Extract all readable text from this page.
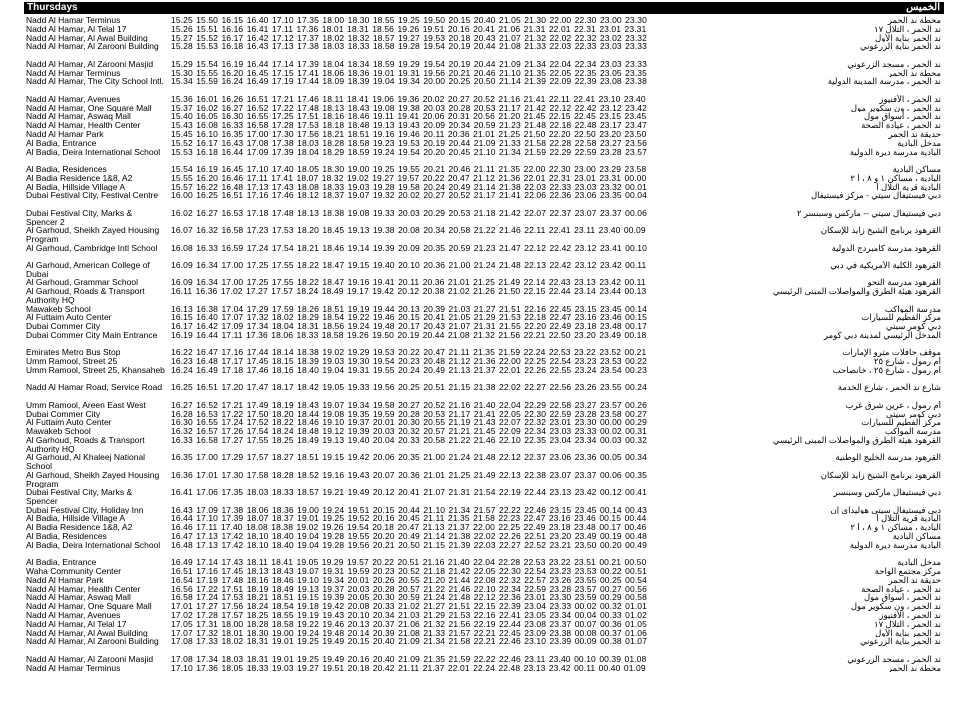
Thursdays	الخميس
Nadd Al Hamar Terminus	15.25 15.50 16.15 16.40 17.10 17.35 18.00 18.30 18.55 19.25 19.50 20.15 20.40 21.05 21.30 22.00 22.30 23.00 23.30	محطة ند الحمر
Nadd Al Hamar, Al Telal 17	15.26 15.51 16.16 16.41 17.11 17.36 18.01 18.31 18.56 19.26 19.51 20.16 20.41 21.06 21.31 22.01 22.31 23.01 23.31	ند الحمر ، التلال ١٧
Nadd Al Hamar, Al Awal Building	15.27 15.52 16.17 16.42 17.12 17.37 18.02 18.32 18.57 19.27 19.53 20.18 20.43 21.07 21.32 22.02 22.32 23.02 23.32	ند الحمر بناية الأول
Nadd Al Hamar, Al Zarooni Building	15.28 15.53 16.18 16.43 17.13 17.38 18.03 18.33 18.58 19.28 19.54 20.19 20.44 21.08 21.33 22.03 22.33 23.03 23.33	ند الحمر بناية الزرعوني
Nadd Al Hamar, Al Zarooni Masjid	15.29 15.54 16.19 16.44 17.14 17.39 18.04 18.34 18.59 19.29 19.54 20.19 20.44 21.09 21.34 22.04 22.34 23.03 23.33	ند الحمر ، مسجد الزرعوني
Nadd Al Hamar Terminus	15.30 15.55 16.20 16.45 17.15 17.41 18.06 18.36 19.01 19.31 19.56 20.21 20.46 21.10 21.35 22.05 22.35 23.05 23.35	محطة ند الحمر
Nadd Al Hamar, The City School Intl. 15.34 15.59 16.24 16.49 17.19 17.44 18.09 18.39 19.04 19.34 20.00 20.25 20.50 21.14 21.39 22.09 22.39 23.08 23.38	ند الحمر ، مدرسة المدينة الدولية
Nadd Al Hamar, Avenues	15.36 16.01 16.26 16.51 17.21 17.46 18.11 18.41 19.06 19.36 20.02 20.27 20.52 21.16 21.41 22.11 22.41 23.10 23.40	ند الحمر ، الأفنيوز
Nadd Al Hamar, One Square Mall	15.37 16.02 16.27 16.52 17.22 17.48 18.13 18.43 19.08 19.38 20.03 20.28 20.53 21.17 21.42 22.12 22.42 23.12 23.42	ند الحمر ، ون سكوير مول
Nadd Al Hamar, Aswaq Mall	15.40 16.05 16.30 16.55 17.25 17.51 18.16 18.46 19.11 19.41 20.06 20.31 20.56 21.20 21.45 22.15 22.45 23.15 23.45	ند الحمر ، أسواق مول
Nadd Al Hamar, Health Center	15.43 16.08 16.33 16.58 17.28 17.53 18.18 18.48 19.13 19.43 20.09 20.34 20.59 21.23 21.48 22.18 22.48 23.17 23.47	ند الحمر ، عيادة الصحة
Nadd Al Hamar Park	15.45 16.10 16.35 17.00 17.30 17.56 18.21 18.51 19.16 19.46 20.11 20.36 21.01 21.25 21.50 22.20 22.50 23.20 23.50	حديقة ند الحمر
Al Badia, Entrance	15.52 16.17 16.43 17.08 17.38 18.03 18.28 18.58 19.23 19.53 20.19 20.44 21.09 21.33 21.58 22.28 22.58 23.27 23.56	مدخل البادية
Al Badia, Deira International School	15.53 16.18 16.44 17.09 17.39 18.04 18.29 18.59 19.24 19.54 20.20 20.45 21.10 21.34 21.59 22.29 22.59 23.28 23.57	البادية مدرسة ديرة الدولية
Al Badia, Residences	15.54 16.19 16.45 17.10 17.40 18.05 18.30 19.00 19.25 19.55 20.21 20.46 21.11 21.35 22.00 22.30 23.00 23.29 23.58	مساكن البادية
Al Badia Residence 1&8, A2	15.55 16.20 16.46 17.11 17.41 18.07 18.32 19.02 19.27 19.57 20.22 20.47 21.12 21.36 22.01 22.31 23.01 23.31 00.00	البادية ، مساكن ١ و ٨ ، أ ٢
Al Badia, Hillside Village A	15.57 16.22 16.48 17.13 17.43 18.08 18.33 19.03 19.28 19.58 20.24 20.49 21.14 21.38 22.03 22.33 23.03 23.32 00.01	البادية قرية التلال أ
Dubai Festival City, Festival Centre	16.00 16.25 16.51 17.16 17.46 18.12 18.37 19.07 19.32 20.02 20.27 20.52 21.17 21.41 22.06 22.36 23.06 23.35 00.04	دبي فيستيفال سيتي - مركز فيستيفال
Dubai Festival City, Marks & Spencer 2
16.02 16.27 16.53 17.18 17.48 18.13 18.38 19.08 19.33 20.03 20.29 20.53 21.18 21.42 22.07 22.37 23.07 23.37 00.06	دبي فيستيفال سيتي -- ماركس وسبنسر ٢
Al Garhoud, Sheikh Zayed Housing Program
16.07 16.32 16.58 17.23 17.53 18.20 18.45 19.13 19.38 20.08 20.34 20.58 21.22 21.46 22.11 22.41 23.11 23.40 00.09	القرهود برنامج الشيخ زايد للإسكان
Al Garhoud, Cambridge Intl School	16.08 16.33 16.59 17.24 17.54 18.21 18.46 19.14 19.39 20.09 20.35 20.59 21.23 21.47 22.12 22.42 23.12 23.41 00.10	القرهود مدرسة كامبردج الدولية
Al Garhoud, American College of Dubai
16.09 16.34 17.00 17.25 17.55 18.22 18.47 19.15 19.40 20.10 20.36 21.00 21.24 21.48 22.13 22.42 23.12 23.42 00.11	القرهود الكلية الأمريكية في دبي
Al Garhoud, Grammar School	16.09 16.34 17.00 17.25 17.55 18.22 18.47 19.16 19.41 20.11 20.36 21.01 21.25 21.49 22.14 22.43 23.13 23.42 00.11	القرهود مدرسة النحو
Al Garhoud, Roads & Transport Authority HQ
16.11 16.36 17.02 17.27 17.57 18.24 18.49 19.17 19.42 20.12 20.38 21.02 21.26 21.50 22.15 22.44 23.14 23.44 00.13	القرهود هيئة الطرق والمواصلات المبنى الرئيسي
Mawakeb School	16.13 16.38 17.04 17.29 17.59 18.26 18.51 19.19 19.44 20.13 20.39 21.03 21.27 21.51 22.16 22.45 23.15 23.45 00.14	مدرسة المواكب
Al Futtaim Auto Center	16.15 16.40 17.07 17.32 18.02 18.29 18.54 19.22 19.46 20.15 20.41 21.05 21.29 21.53 22.18 22.47 23.16 23.46 00.15	مركز الفطيم للسيارات
Dubai Commer City	16.17 16.42 17.09 17.34 18.04 18.31 18.56 19.24 19.48 20.17 20.43 21.07 21.31 21.55 22.20 22.49 23.18 23.48 00.17	دبي كومر سيتي
Dubai Commer City Main Entrance	16.19 16.44 17.11 17.36 18.06 18.33 18.58 19.26 19.50 20.19 20.44 21.08 21.32 21.56 22.21 22.50 23.20 23.49 00.18	المدخل الرئيسي لمدينة دبي كومر
Emirates Metro Bus Stop	16.22 16.47 17.16 17.44 18.14 18.38 19.02 19.29 19.53 20.22 20.47 21.11 21.35 21.59 22.24 22.53 23.22 23.52 00.21	موقف حافلات مترو الإمارات
Umm Ramool, Street 25	16.23 16.48 17.17 17.45 18.15 18.39 19.03 19.30 19.54 20.23 20.48 21.12 21.36 22.00 22.25 22.54 23.23 23.53 00.22	أم رمول ، شارع ٢٥
Umm Ramool, Street 25, Khansaheb 16.24 16.49 17.18 17.46 18.16 18.40 19.04 19.31 19.55 20.24 20.49 21.13 21.37 22.01 22.26 22.55 23.24 23.54 00.23	أم رمول ، شارع ٢٥ ، خانصاحب
Nadd Al Hamar Road, Service Road	16.25 16.51 17.20 17.47 18.17 18.42 19.05 19.33 19.56 20.25 20.51 21.15 21.38 22.02 22.27 22.56 23.26 23.55 00.24	شارع ند الحمر ، شارع الخدمة
Umm Ramool, Areen East West	16.27 16.52 17.21 17.49 18.19 18.43 19.07 19.34 19.58 20.27 20.52 21.16 21.40 22.04 22.29 22.58 23.27 23.57 00.26	أم رمول ، عرين شرق غرب
Dubai Commer City	16.28 16.53 17.22 17.50 18.20 18.44 19.08 19.35 19.59 20.28 20.53 21.17 21.41 22.05 22.30 22.59 23.28 23.58 00.27	دبي كومر سيتي
Al Futtaim Auto Center	16.30 16.55 17.24 17.52 18.22 18.46 19.10 19.37 20.01 20.30 20.55 21.19 21.43 22.07 22.32 23.01 23.30 00.00 00.29	مركز الفطيم للسيارات
Mawakeb School	16.32 16.57 17.26 17.54 18.24 18.48 19.12 19.39 20.03 20.32 20.57 21.21 21.45 22.09 22.34 23.03 23.33 00.02 00.31	مدرسة المواكب
Al Garhoud, Roads & Transport Authority HQ
16.33 16.58 17.27 17.55 18.25 18.49 19.13 19.40 20.04 20.33 20.58 21.22 21.46 22.10 22.35 23.04 23.34 00.03 00.32	القرهود هيئة الطرق والمواصلات المبنى الرئيسي
Al Garhoud, Al Khaleej National School
16.35 17.00 17.29 17.57 18.27 18.51 19.15 19.42 20.06 20.35 21.00 21.24 21.48 22.12 22.37 23.06 23.36 00.05 00.34	القرهود مدرسة الخليج الوطنية
Al Garhoud, Sheikh Zayed Housing Program
16.36 17.01 17.30 17.58 18.28 18.52 19.16 19.43 20.07 20.36 21.01 21.25 21.49 22.13 22.38 23.07 23.37 00.06 00.35	القرهود برنامج الشيخ زايد للإسكان
Dubai Festival City, Marks & Spencer
16.41 17.06 17.35 18.03 18.33 18.57 19.21 19.49 20.12 20.41 21.07 21.31 21.54 22.19 22.44 23.13 23.42 00.12 00.41	دبي فيستيفال ماركس وسبنسر
Dubai Festival City, Holiday Inn	16.43 17.09 17.38 18.06 18.36 19.00 19.24 19.51 20.15 20.44 21.10 21.34 21.57 22.22 22.46 23.15 23.45 00.14 00.43	دبي فيستيفال سيتي هوليداي إن
Al Badia, Hillside Village A	16.44 17.10 17.39 18.07 18.37 19.01 19.25 19.52 20.16 20.45 21.11 21.35 21.58 22.23 22.47 23.16 23.46 00.15 00.44	البادية قرية التلال أ
Al Badia Residence 1&8, A2	16.46 17.11 17.40 18.08 18.38 19.02 19.26 19.54 20.18 20.47 21.13 21.37 22.00 22.25 22.49 23.18 23.48 00.17 00.46	البادية ، مساكن ١ و ٨ ، أ ٢
Al Badia, Residences	16.47 17.13 17.42 18.10 18.40 19.04 19.28 19.55 20.20 20.49 21.14 21.38 22.02 22.26 22.51 23.20 23.49 00.19 00.48	مساكن البادية
Al Badia, Deira International School	16.48 17.13 17.42 18.10 18.40 19.04 19.28 19.56 20.21 20.50 21.15 21.39 22.03 22.27 22.52 23.21 23.50 00.20 00.49	البادية مدرسة ديرة الدولية
Al Badia, Entrance	16.49 17.14 17.43 18.11 18.41 19.05 19.29 19.57 20.22 20.51 21.16 21.40 22.04 22.28 22.53 23.22 23.51 00.21 00.50	مدخل البادية
Waha Community Center	16.51 17.16 17.45 18.13 18.43 19.07 19.31 19.59 20.23 20.52 21.18 21.42 22.05 22.30 22.54 23.23 23.53 00.22 00.51	مركز مجتمع الواحة
Nadd Al Hamar Park	16.54 17.19 17.48 18.16 18.46 19.10 19.34 20.01 20.26 20.55 21.20 21.44 22.08 22.32 22.57 23.26 23.55 00.25 00.54	حديقة ند الحمر
Nadd Al Hamar, Health Center	16.56 17.22 17.51 18.19 18.49 19.13 19.37 20.03 20.28 20.57 21.22 21.46 22.10 22.34 22.59 23.28 23.57 00.27 00.56	ند الحمر ، عيادة الصحة
Nadd Al Hamar, Aswaq Mall	16.58 17.24 17.53 18.21 18.51 19.15 19.39 20.05 20.30 20.59 21.24 21.48 22.12 22.36 23.01 23.30 23.59 00.29 00.58	ند الحمر ، أسواق مول
Nadd Al Hamar, One Square Mall	17.01 17.27 17.56 18.24 18.54 19.18 19.42 20.08 20.33 21.02 21.27 21.51 22.15 22.39 23.04 23.33 00.02 00.32 01.01	ند الحمر ، ون سكوير مول
Nadd Al Hamar, Avenues	17.02 17.28 17.57 18.25 18.55 19.19 19.43 20.10 20.34 21.03 21.29 21.53 22.16 22.41 23.05 23.34 00.04 00.33 01.02	ند الحمر ، الأفنيوز
Nadd Al Hamar, Al Telal 17	17.05 17.31 18.00 18.28 18.58 19.22 19.46 20.13 20.37 21.06 21.32 21.56 22.19 22.44 23.08 23.37 00.07 00.36 01.05	ند الحمر ، التلال ١٧
Nadd Al Hamar, Al Awal Building	17.07 17.32 18.01 18.30 19.00 19.24 19.48 20.14 20.39 21.08 21.33 21.57 22.21 22.45 23.09 23.38 00.08 00.37 01.06	ند الحمر بناية الأول
Nadd Al Hamar, Al Zarooni Building	17.08 17.33 18.02 18.31 19.01 19.25 19.49 20.15 20.40 21.09 21.34 21.58 22.21 22.46 23.10 23.39 00.09 00.38 01.07	ند الحمر بناية الزرعوني
Nadd Al Hamar, Al Zarooni Masjid	17.08 17.34 18.03 18.31 19.01 19.25 19.49 20.16 20.40 21.09 21.35 21.59 22.22 22.46 23.11 23.40 00.10 00.39 01.08	ند الحمر ، مسجد الزرعوني
Nadd Al Hamar Terminus	17.10 17.36 18.05 18.33 19.03 19.27 19.51 20.18 20.42 21.11 21.37 22.01 22.24 22.48 23.13 23.42 00.11 00.40 01.09	محطة ند الحمر
